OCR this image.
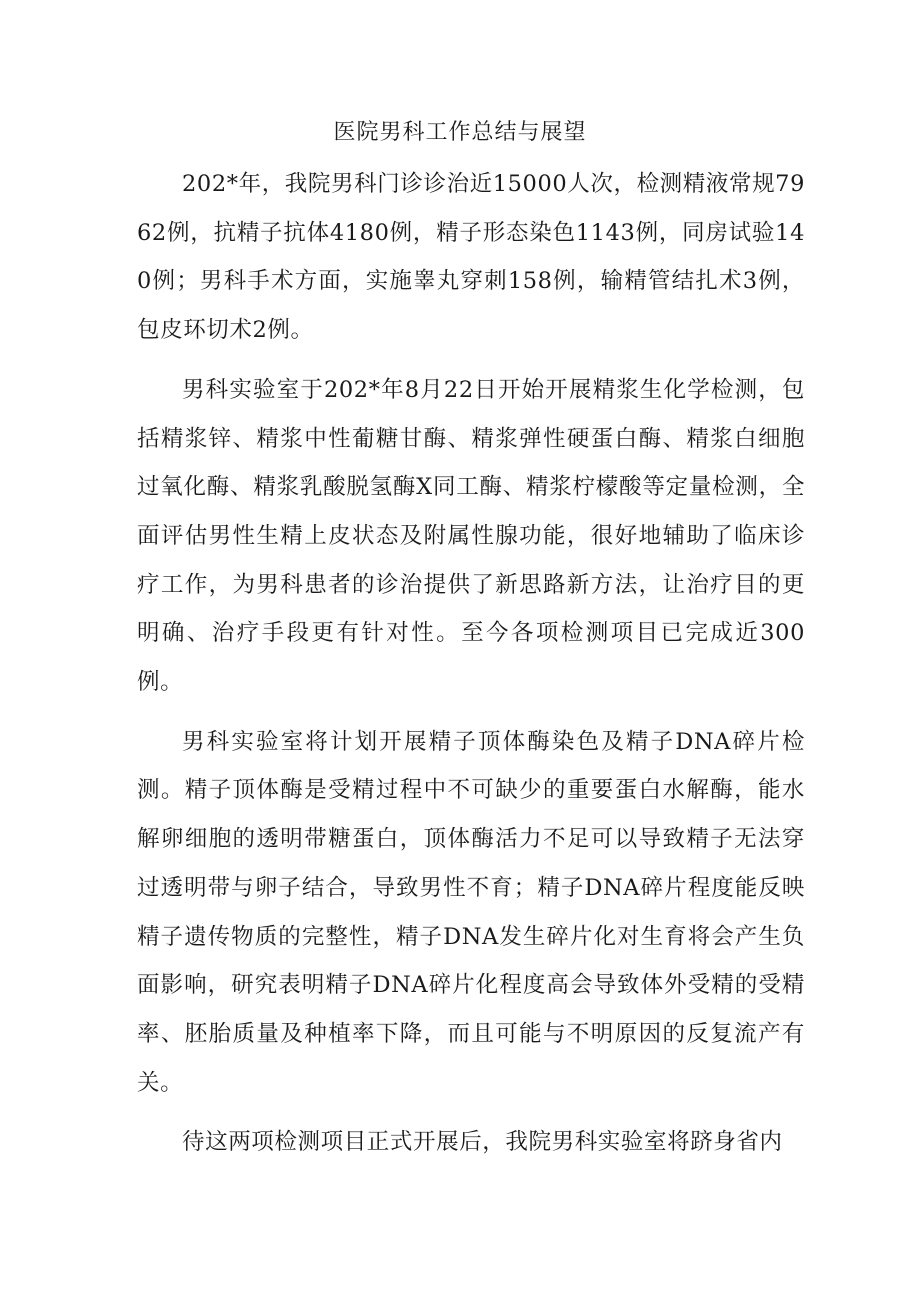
医院男科工作总结与展望

202*年，我院男科门诊诊治近15000人次，检测精液常规7962例，抗精子抗体4180例，精子形态染色1143例，同房试验140例；男科手术方面，实施睾丸穿刺158例，输精管结扎术3例，包皮环切术2例。

男科实验室于202*年8月22日开始开展精浆生化学检测，包括精浆锌、精浆中性葡糖甘酶、精浆弹性硬蛋白酶、精浆白细胞过氧化酶、精浆乳酸脱氢酶X同工酶、精浆柠檬酸等定量检测，全面评估男性生精上皮状态及附属性腺功能，很好地辅助了临床诊疗工作，为男科患者的诊治提供了新思路新方法，让治疗目的更明确、治疗手段更有针对性。至今各项检测项目已完成近300例。

男科实验室将计划开展精子顶体酶染色及精子DNA碎片检测。精子顶体酶是受精过程中不可缺少的重要蛋白水解酶，能水解卵细胞的透明带糖蛋白，顶体酶活力不足可以导致精子无法穿过透明带与卵子结合，导致男性不育；精子DNA碎片程度能反映精子遗传物质的完整性，精子DNA发生碎片化对生育将会产生负面影响，研究表明精子DNA碎片化程度高会导致体外受精的受精率、胚胎质量及种植率下降，而且可能与不明原因的反复流产有关。

待这两项检测项目正式开展后，我院男科实验室将跻身省内
